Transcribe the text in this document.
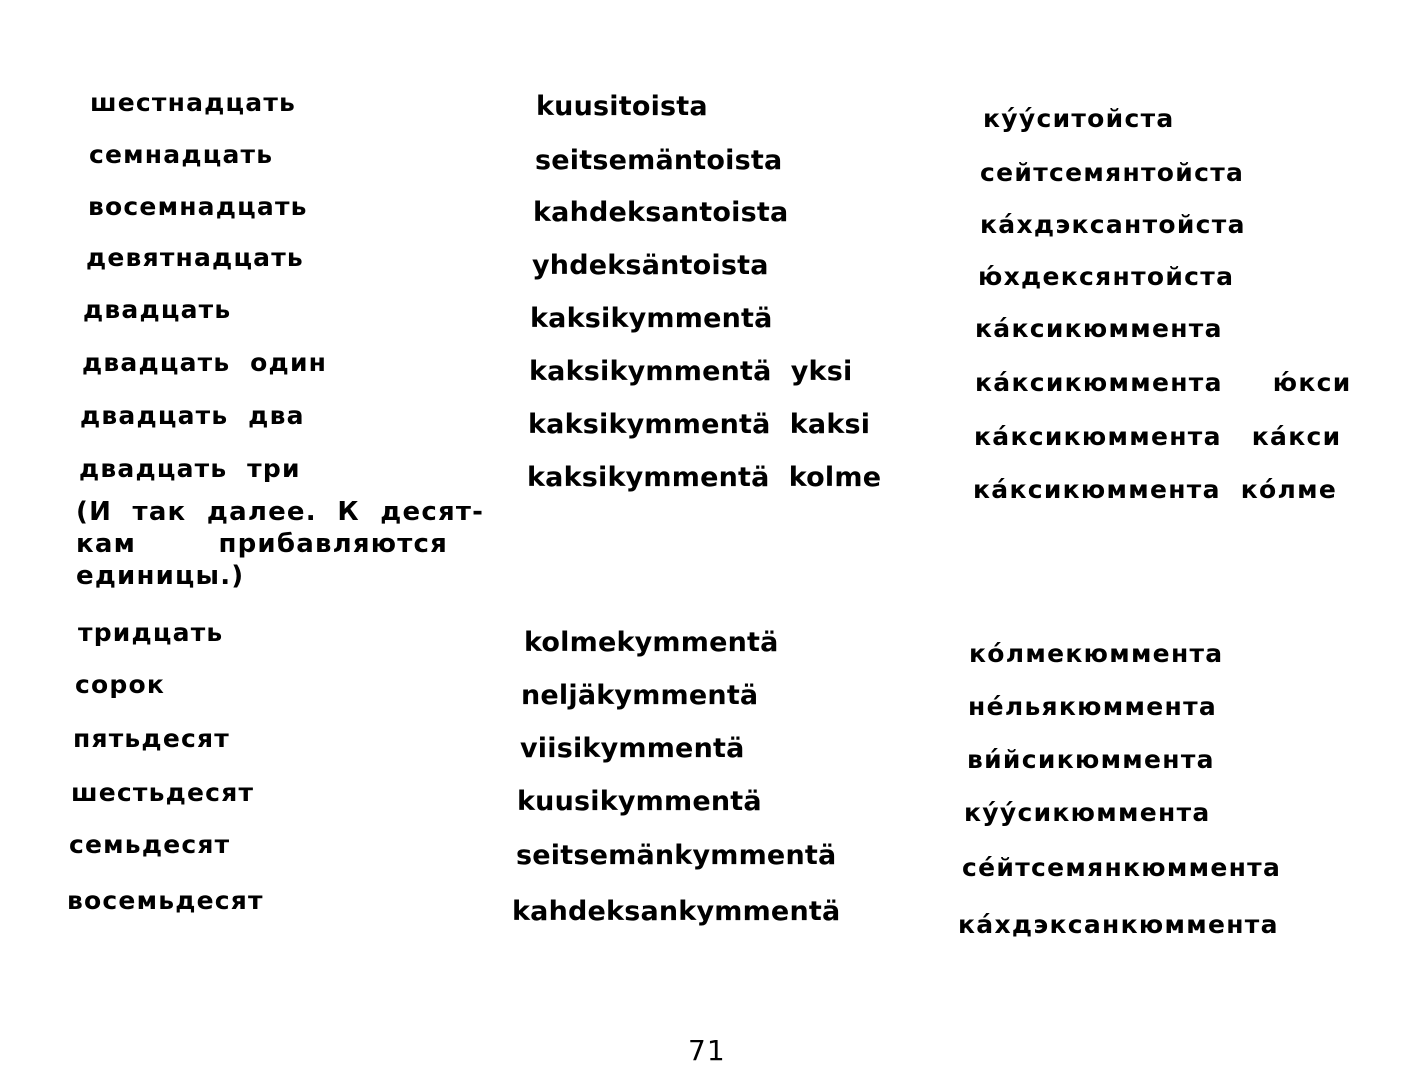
шестнадцать
семнадцать
восемнадцать
девятнадцать
двадцать
двадцать  один
двадцать  два
двадцать  три
(И  так  далее.  К  десят-
кам	прибавляются
единицы.)
тридцать
сорок
пятьдесят
шестьдесят
семьдесят
восемьдесят
kuusitoista
seitsemäntoista
kahdeksantoista
yhdeksäntoista
kaksikymmentä
kaksikymmentä  yksi
kaksikymmentä  kaksi
kaksikymmentä  kolme
kolmekymmentä
neljäkymmentä
viisikymmentä
kuusikymmentä
seitsemänkymmentä
kahdeksankymmentä
ку́у́ситойста
сейтсемянтойста
ка́хдэксантойста
ю́хдексянтойста
ка́ксикюммента
ка́ксикюммента     ю́кси
ка́ксикюммента   ка́кси
ка́ксикюммента  ко́лме
ко́лмекюммента
не́льякюммента
ви́йсикюммента
ку́у́сикюммента
се́йтсемянкюммента
ка́хдэксанкюммента
71
